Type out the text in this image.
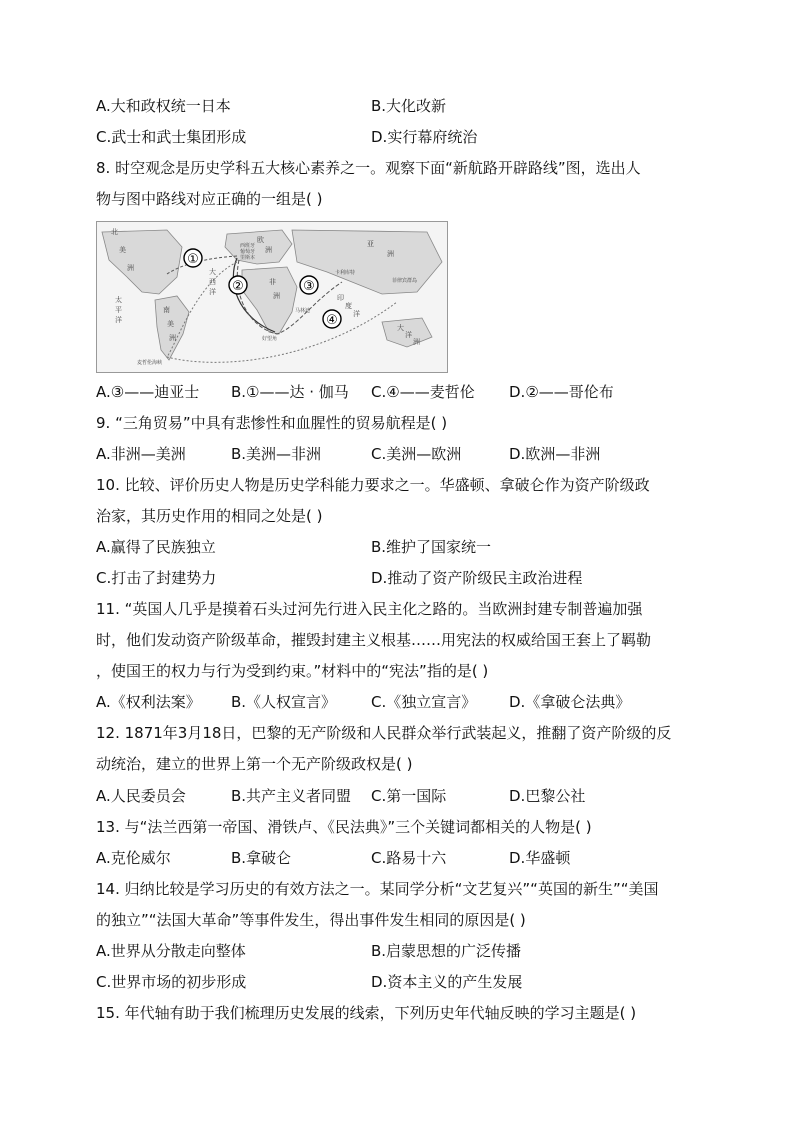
A.大和政权统一日本	B.大化改新
C.武士和武士集团形成	D.实行幕府统治
8. 时空观念是历史学科五大核心素养之一。观察下面“新航路开辟路线”图，选出人
物与图中路线对应正确的一组是( )
①
②	③
④
北
美
洲
南
美
洲
欧
洲
亚
洲
非
洲
大
洋
洲
大
西
洋
太
平
洋
印
度
洋
西班牙
葡萄牙
里斯本
马林迪
卡利库特
好望角
菲律宾群岛
麦哲伦海峡
A.③——迪亚士 B.①——达 · 伽马 C.④——麦哲伦 D.②——哥伦布
9. “三角贸易”中具有悲惨性和血腥性的贸易航程是( )
A.非洲—美洲	B.美洲—非洲	C.美洲—欧洲	D.欧洲—非洲
10. 比较、评价历史人物是历史学科能力要求之一。华盛顿、拿破仑作为资产阶级政
治家，其历史作用的相同之处是( )
A.赢得了民族独立	B.维护了国家统一
C.打击了封建势力	D.推动了资产阶级民主政治进程
11. “英国人几乎是摸着石头过河先行进入民主化之路的。当欧洲封建专制普遍加强
时，他们发动资产阶级革命，摧毁封建主义根基……用宪法的权威给国王套上了羁勒
，使国王的权力与行为受到约束。”材料中的“宪法”指的是( )
A.《权利法案》 B.《人权宣言》 C.《独立宣言》 D.《拿破仑法典》
12. 1871年3月18日，巴黎的无产阶级和人民群众举行武装起义，推翻了资产阶级的反
动统治，建立的世界上第一个无产阶级政权是( )
A.人民委员会	B.共产主义者同盟 C.第一国际	D.巴黎公社
13. 与“法兰西第一帝国、滑铁卢、《民法典》”三个关键词都相关的人物是( )
A.克伦威尔	B.拿破仑	C.路易十六	D.华盛顿
14. 归纳比较是学习历史的有效方法之一。某同学分析“文艺复兴”“英国的新生”“美国
的独立”“法国大革命”等事件发生，得出事件发生相同的原因是( )
A.世界从分散走向整体	B.启蒙思想的广泛传播
C.世界市场的初步形成	D.资本主义的产生发展
15. 年代轴有助于我们梳理历史发展的线索，下列历史年代轴反映的学习主题是( )
